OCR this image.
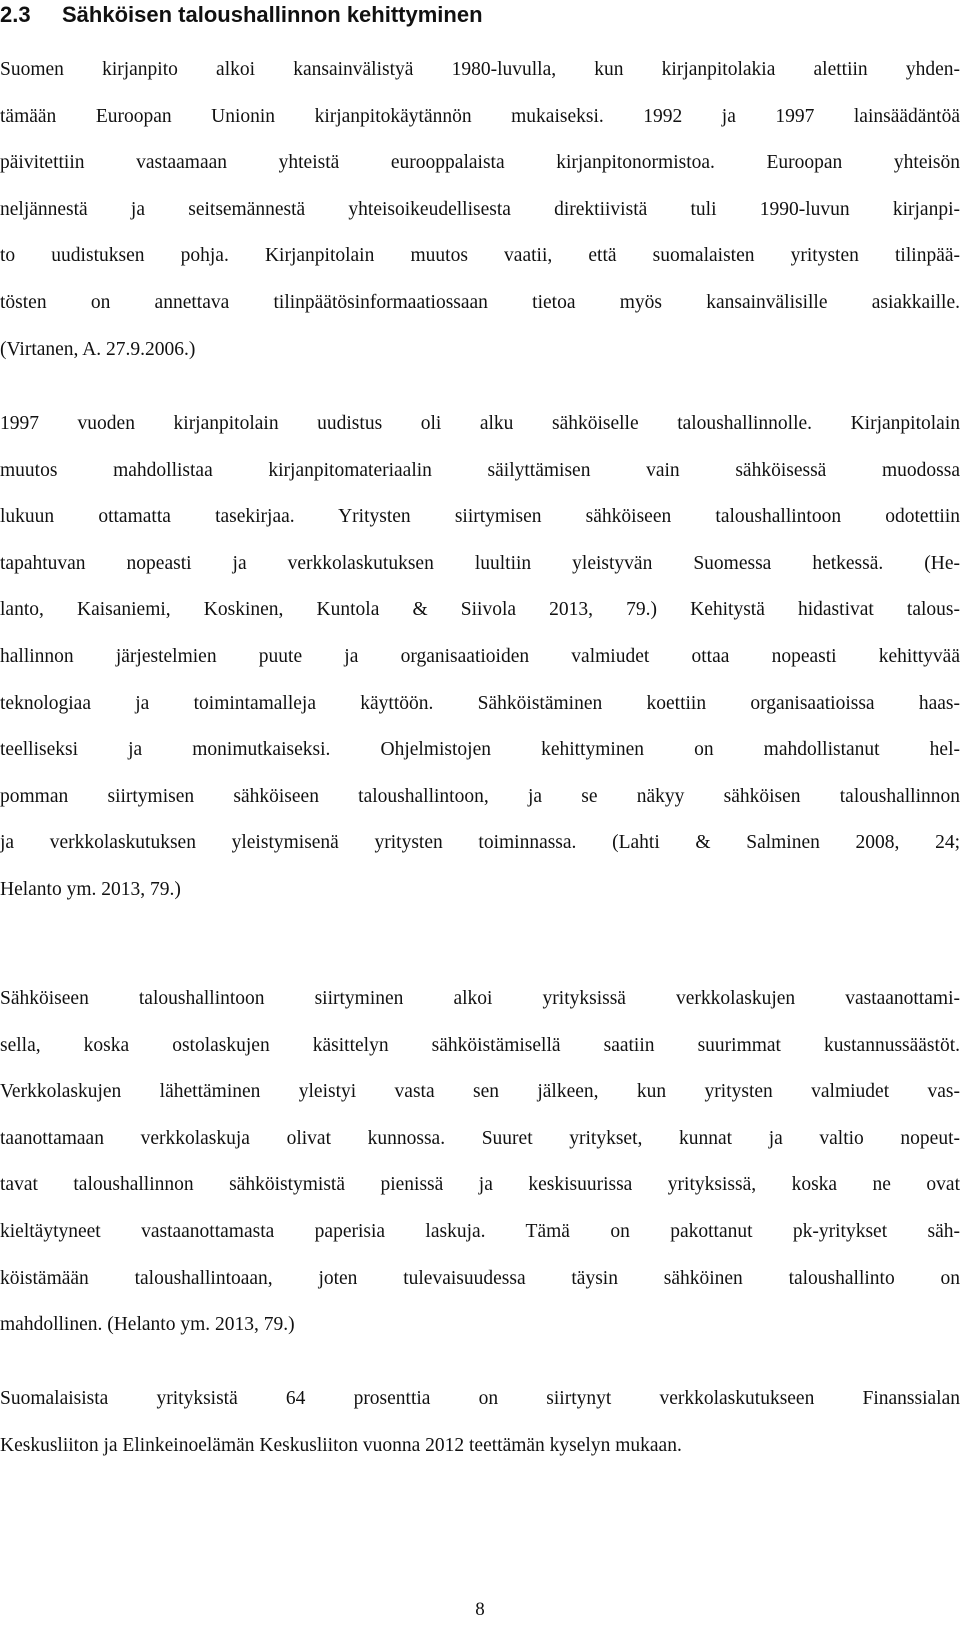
2.3 Sähköisen taloushallinnon kehittyminen

Suomen kirjanpito alkoi kansainvälistyä 1980-luvulla, kun kirjanpitolakia alettiin yhden-
tämään Euroopan Unionin kirjanpitokäytännön mukaiseksi. 1992 ja 1997 lainsäädäntöä
päivitettiin vastaamaan yhteistä eurooppalaista kirjanpitonormistoa. Euroopan yhteisön
neljännestä ja seitsemännestä yhteisoikeudellisesta direktiivistä tuli 1990-luvun kirjanpi-
to uudistuksen pohja. Kirjanpitolain muutos vaatii, että suomalaisten yritysten tilinpää-
tösten on annettava tilinpäätösinformaatiossaan tietoa myös kansainvälisille asiakkaille.
(Virtanen, A. 27.9.2006.)

1997 vuoden kirjanpitolain uudistus oli alku sähköiselle taloushallinnolle. Kirjanpitolain
muutos mahdollistaa kirjanpitomateriaalin säilyttämisen vain sähköisessä muodossa
lukuun ottamatta tasekirjaa. Yritysten siirtymisen sähköiseen taloushallintoon odotettiin
tapahtuvan nopeasti ja verkkolaskutuksen luultiin yleistyvän Suomessa hetkessä. (He-
lanto, Kaisaniemi, Koskinen, Kuntola & Siivola 2013, 79.) Kehitystä hidastivat talous-
hallinnon järjestelmien puute ja organisaatioiden valmiudet ottaa nopeasti kehittyvää
teknologiaa ja toimintamalleja käyttöön. Sähköistäminen koettiin organisaatioissa haas-
teelliseksi ja monimutkaiseksi. Ohjelmistojen kehittyminen on mahdollistanut hel-
pomman siirtymisen sähköiseen taloushallintoon, ja se näkyy sähköisen taloushallinnon
ja verkkolaskutuksen yleistymisenä yritysten toiminnassa. (Lahti & Salminen 2008, 24;
Helanto ym. 2013, 79.)

Sähköiseen taloushallintoon siirtyminen alkoi yrityksissä verkkolaskujen vastaanottami-
sella, koska ostolaskujen käsittelyn sähköistämisellä saatiin suurimmat kustannussäästöt.
Verkkolaskujen lähettäminen yleistyi vasta sen jälkeen, kun yritysten valmiudet vas-
taanottamaan verkkolaskuja olivat kunnossa. Suuret yritykset, kunnat ja valtio nopeut-
tavat taloushallinnon sähköistymistä pienissä ja keskisuurissa yrityksissä, koska ne ovat
kieltäytyneet vastaanottamasta paperisia laskuja. Tämä on pakottanut pk-yritykset säh-
köistämään taloushallintoaan, joten tulevaisuudessa täysin sähköinen taloushallinto on
mahdollinen. (Helanto ym. 2013, 79.)

Suomalaisista yrityksistä 64 prosenttia on siirtynyt verkkolaskutukseen Finanssialan
Keskusliiton ja Elinkeinoelämän Keskusliiton vuonna 2012 teettämän kyselyn mukaan.

8
